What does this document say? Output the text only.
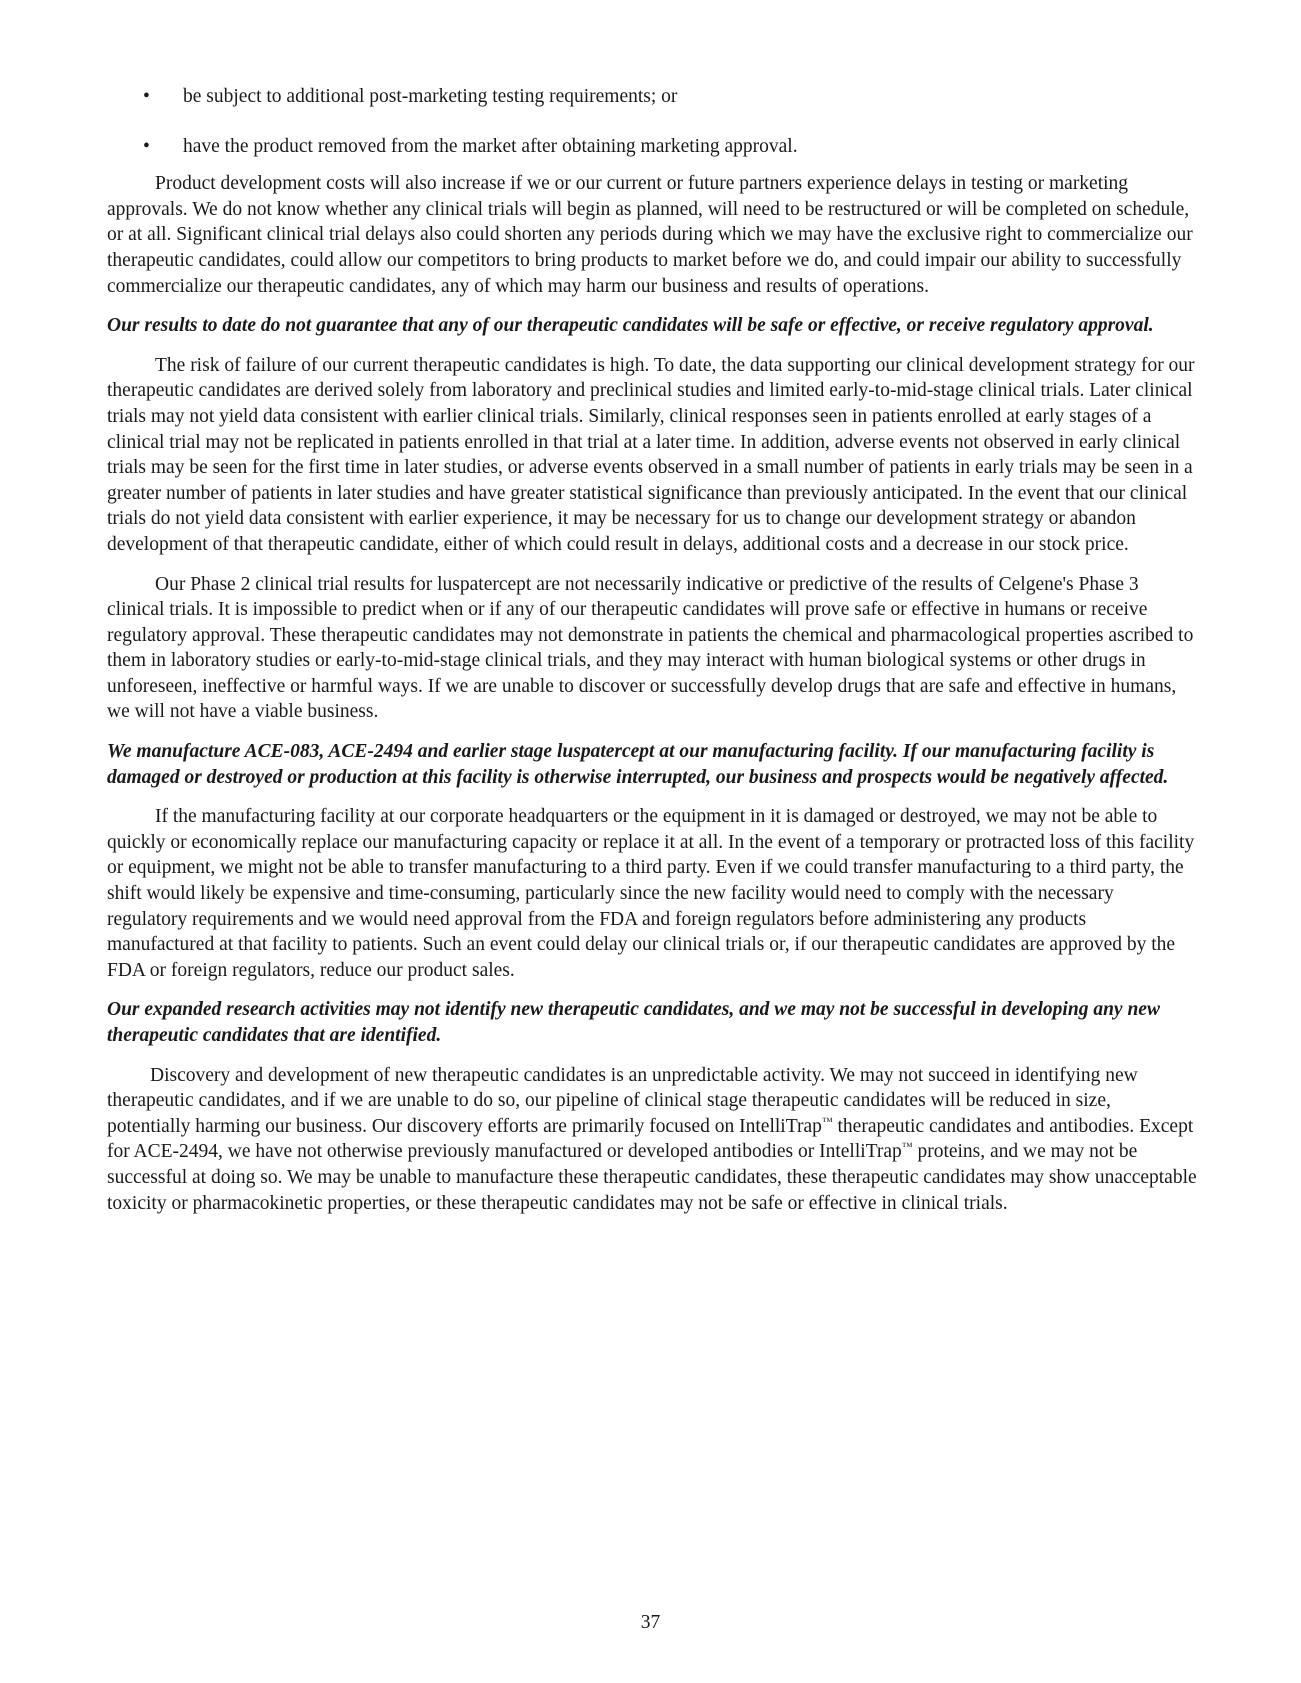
• be subject to additional post-marketing testing requirements; or
• have the product removed from the market after obtaining marketing approval.

Product development costs will also increase if we or our current or future partners experience delays in testing or marketing approvals. We do not know whether any clinical trials will begin as planned, will need to be restructured or will be completed on schedule, or at all. Significant clinical trial delays also could shorten any periods during which we may have the exclusive right to commercialize our therapeutic candidates, could allow our competitors to bring products to market before we do, and could impair our ability to successfully commercialize our therapeutic candidates, any of which may harm our business and results of operations.

Our results to date do not guarantee that any of our therapeutic candidates will be safe or effective, or receive regulatory approval.

The risk of failure of our current therapeutic candidates is high. To date, the data supporting our clinical development strategy for our therapeutic candidates are derived solely from laboratory and preclinical studies and limited early-to-mid-stage clinical trials. Later clinical trials may not yield data consistent with earlier clinical trials. Similarly, clinical responses seen in patients enrolled at early stages of a clinical trial may not be replicated in patients enrolled in that trial at a later time. In addition, adverse events not observed in early clinical trials may be seen for the first time in later studies, or adverse events observed in a small number of patients in early trials may be seen in a greater number of patients in later studies and have greater statistical significance than previously anticipated. In the event that our clinical trials do not yield data consistent with earlier experience, it may be necessary for us to change our development strategy or abandon development of that therapeutic candidate, either of which could result in delays, additional costs and a decrease in our stock price.

Our Phase 2 clinical trial results for luspatercept are not necessarily indicative or predictive of the results of Celgene's Phase 3 clinical trials. It is impossible to predict when or if any of our therapeutic candidates will prove safe or effective in humans or receive regulatory approval. These therapeutic candidates may not demonstrate in patients the chemical and pharmacological properties ascribed to them in laboratory studies or early-to-mid-stage clinical trials, and they may interact with human biological systems or other drugs in unforeseen, ineffective or harmful ways. If we are unable to discover or successfully develop drugs that are safe and effective in humans, we will not have a viable business.

We manufacture ACE-083, ACE-2494 and earlier stage luspatercept at our manufacturing facility. If our manufacturing facility is damaged or destroyed or production at this facility is otherwise interrupted, our business and prospects would be negatively affected.

If the manufacturing facility at our corporate headquarters or the equipment in it is damaged or destroyed, we may not be able to quickly or economically replace our manufacturing capacity or replace it at all. In the event of a temporary or protracted loss of this facility or equipment, we might not be able to transfer manufacturing to a third party. Even if we could transfer manufacturing to a third party, the shift would likely be expensive and time-consuming, particularly since the new facility would need to comply with the necessary regulatory requirements and we would need approval from the FDA and foreign regulators before administering any products manufactured at that facility to patients. Such an event could delay our clinical trials or, if our therapeutic candidates are approved by the FDA or foreign regulators, reduce our product sales.

Our expanded research activities may not identify new therapeutic candidates, and we may not be successful in developing any new therapeutic candidates that are identified.

Discovery and development of new therapeutic candidates is an unpredictable activity. We may not succeed in identifying new therapeutic candidates, and if we are unable to do so, our pipeline of clinical stage therapeutic candidates will be reduced in size, potentially harming our business. Our discovery efforts are primarily focused on IntelliTrap™ therapeutic candidates and antibodies. Except for ACE-2494, we have not otherwise previously manufactured or developed antibodies or IntelliTrap™ proteins, and we may not be successful at doing so. We may be unable to manufacture these therapeutic candidates, these therapeutic candidates may show unacceptable toxicity or pharmacokinetic properties, or these therapeutic candidates may not be safe or effective in clinical trials.

37
